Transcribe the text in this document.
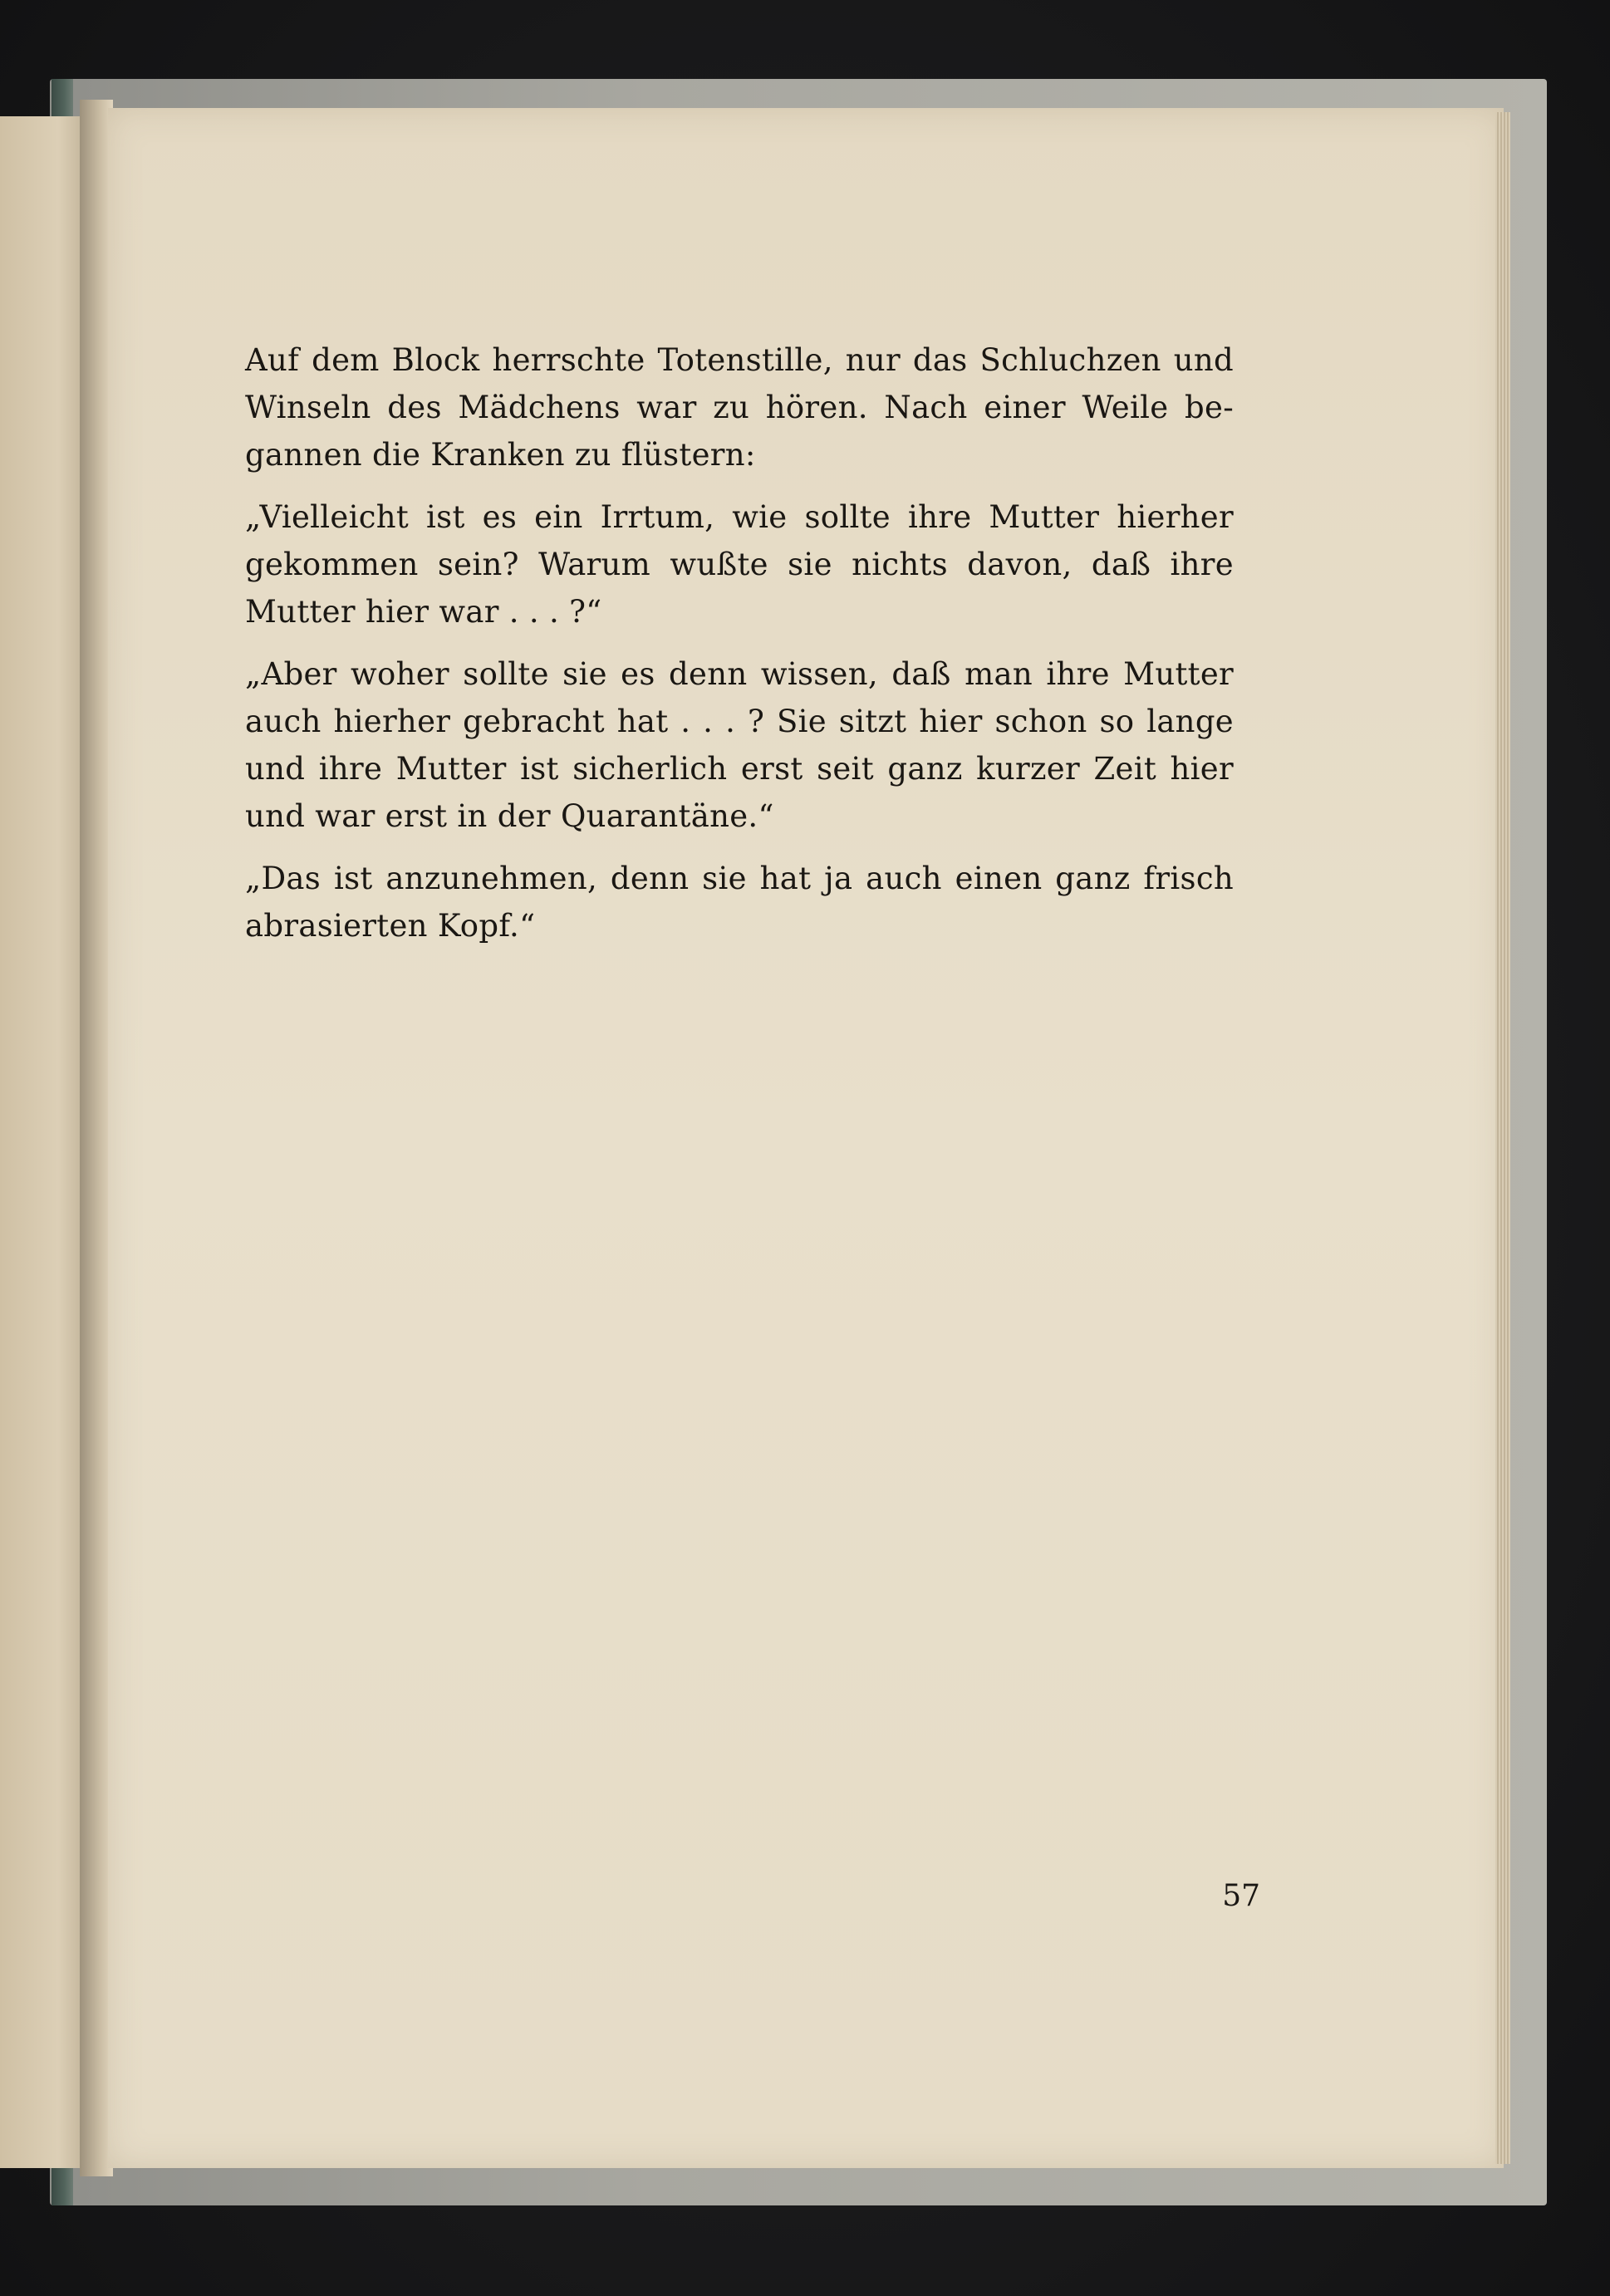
Auf dem Block herrschte Totenstille, nur das Schluchzen und Winseln des Mädchens war zu hören. Nach einer Weile be-gannen die Kranken zu flüstern:

„Vielleicht ist es ein Irrtum, wie sollte ihre Mutter hierher gekommen sein? Warum wußte sie nichts davon, daß ihre Mutter hier war . . . ?“

„Aber woher sollte sie es denn wissen, daß man ihre Mutter auch hierher gebracht hat . . . ? Sie sitzt hier schon so lange und ihre Mutter ist sicherlich erst seit ganz kurzer Zeit hier und war erst in der Quarantäne.“

„Das ist anzunehmen, denn sie hat ja auch einen ganz frisch abrasierten Kopf.“

57
